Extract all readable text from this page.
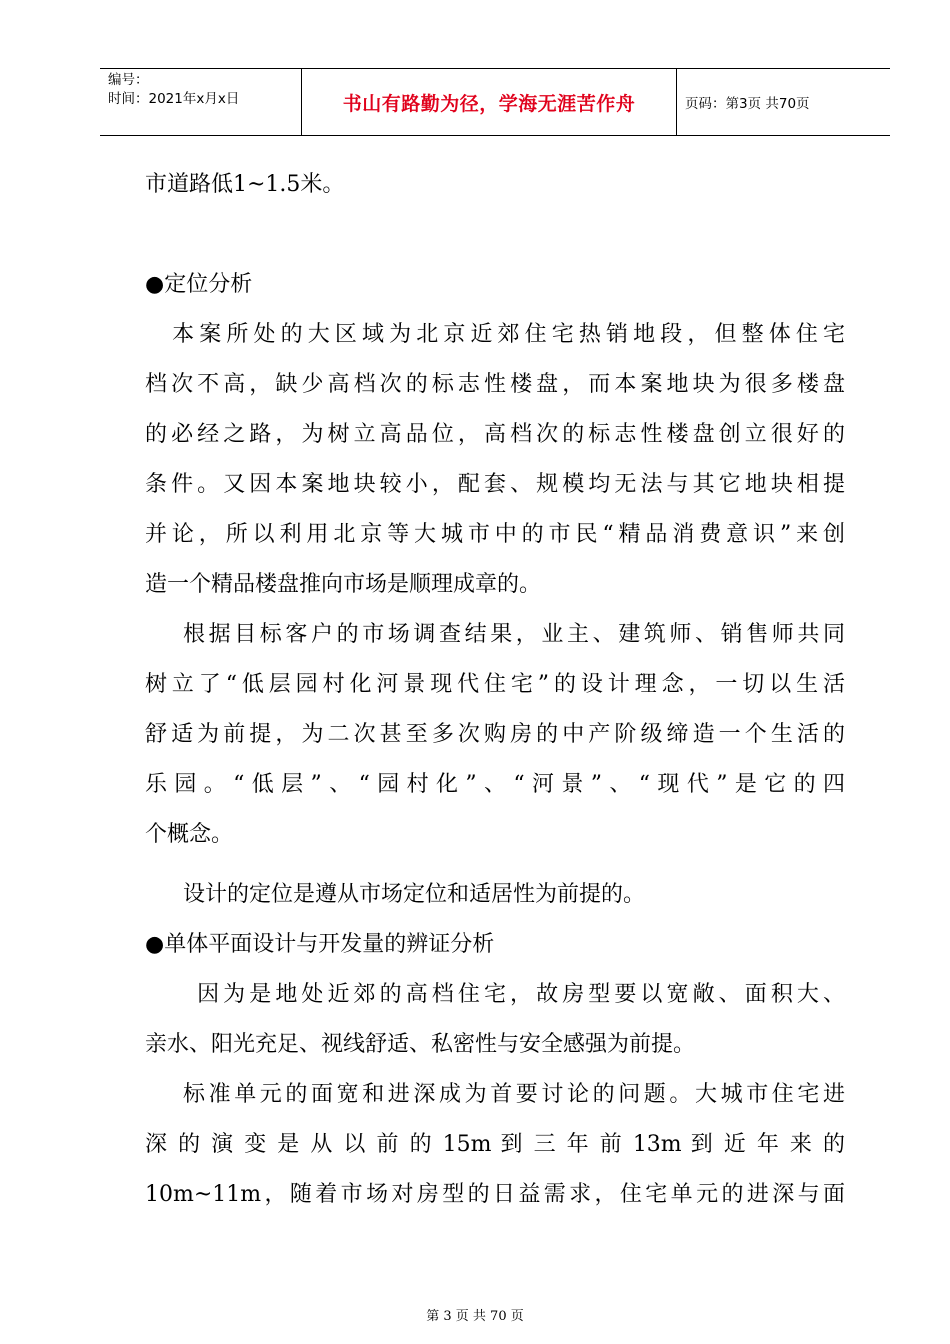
编号：
时间：2021年x月x日	书山有路勤为径，学海无涯苦作舟	页码：第3页 共70页
市道路低1~1.5米。
●定位分析
　本案所处的大区域为北京近郊住宅热销地段，但整体住宅
档次不高，缺少高档次的标志性楼盘，而本案地块为很多楼盘
的必经之路，为树立高品位，高档次的标志性楼盘创立很好的
条件。又因本案地块较小，配套、规模均无法与其它地块相提
并论，所以利用北京等大城市中的市民“精品消费意识”来创
造一个精品楼盘推向市场是顺理成章的。
根据目标客户的市场调查结果，业主、建筑师、销售师共同
树立了“低层园村化河景现代住宅”的设计理念，一切以生活
舒适为前提，为二次甚至多次购房的中产阶级缔造一个生活的
乐园。“低层”、“园村化”、“河景”、“现代”是它的四
个概念。
　设计的定位是遵从市场定位和适居性为前提的。
●单体平面设计与开发量的辨证分析
　因为是地处近郊的高档住宅，故房型要以宽敞、面积大、
亲水、阳光充足、视线舒适、私密性与安全感强为前提。
标准单元的面宽和进深成为首要讨论的问题。大城市住宅进
深 的 演 变 是 从 以 前 的 15m 到 三 年 前 13m 到 近 年 来 的
10m~11m，随着市场对房型的日益需求，住宅单元的进深与面
第 3 页 共 70 页
